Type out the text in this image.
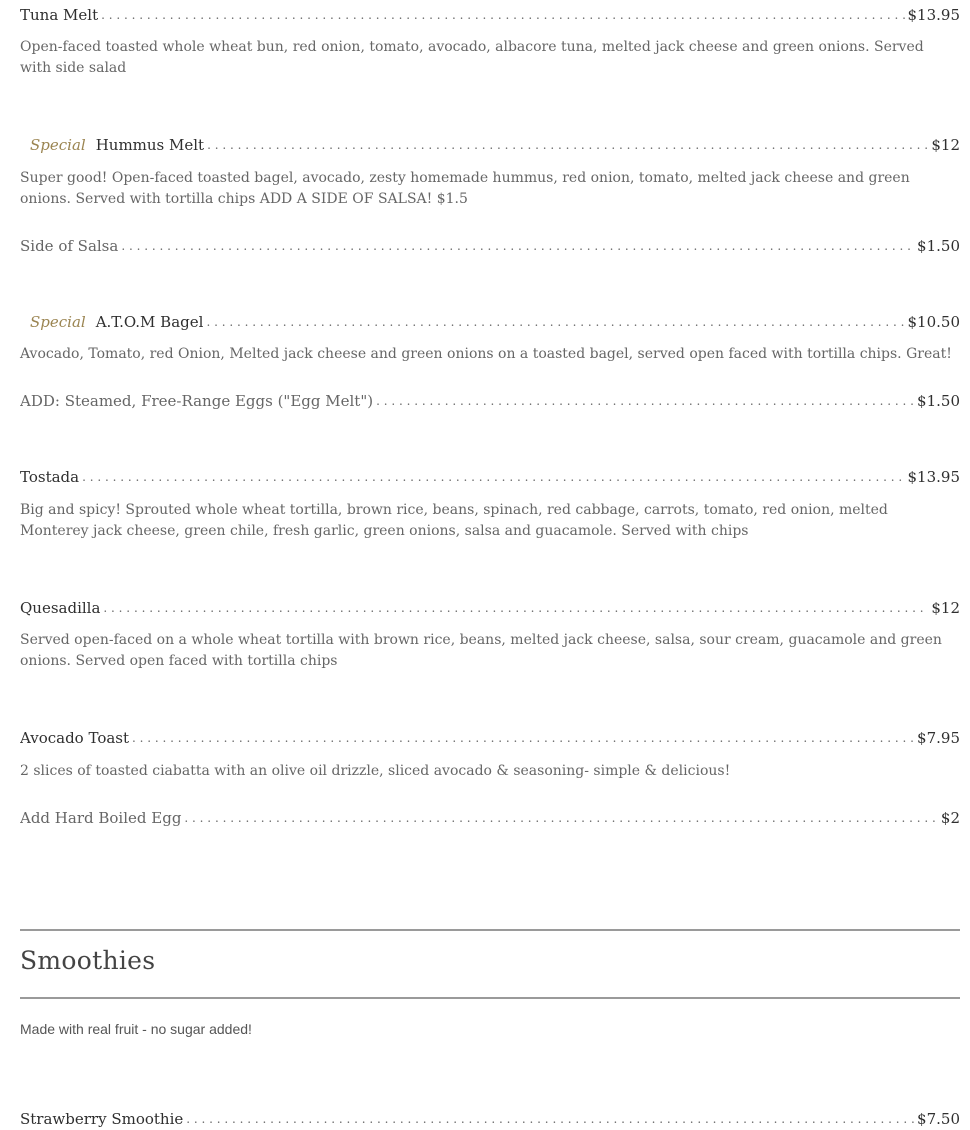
Tuna Melt . . .	$13.95
Open-faced toasted whole wheat bun, red onion, tomato, avocado, albacore tuna, melted jack cheese and green onions. Served with side salad
Special Hummus Melt . . .	$12
Super good! Open-faced toasted bagel, avocado, zesty homemade hummus, red onion, tomato, melted jack cheese and green onions. Served with tortilla chips ADD A SIDE OF SALSA! $1.5
Side of Salsa . . .	$1.50
Special A.T.O.M Bagel . . .	$10.50
Avocado, Tomato, red Onion, Melted jack cheese and green onions on a toasted bagel, served open faced with tortilla chips. Great!
ADD: Steamed, Free-Range Eggs ("Egg Melt") . . .	$1.50
Tostada . . .	$13.95
Big and spicy! Sprouted whole wheat tortilla, brown rice, beans, spinach, red cabbage, carrots, tomato, red onion, melted Monterey jack cheese, green chile, fresh garlic, green onions, salsa and guacamole. Served with chips
Quesadilla . . .	$12
Served open-faced on a whole wheat tortilla with brown rice, beans, melted jack cheese, salsa, sour cream, guacamole and green onions. Served open faced with tortilla chips
Avocado Toast . . .	$7.95
2 slices of toasted ciabatta with an olive oil drizzle, sliced avocado & seasoning- simple & delicious!
Add Hard Boiled Egg . . .	$2
Smoothies
Made with real fruit - no sugar added!
Strawberry Smoothie . . .	$7.50
